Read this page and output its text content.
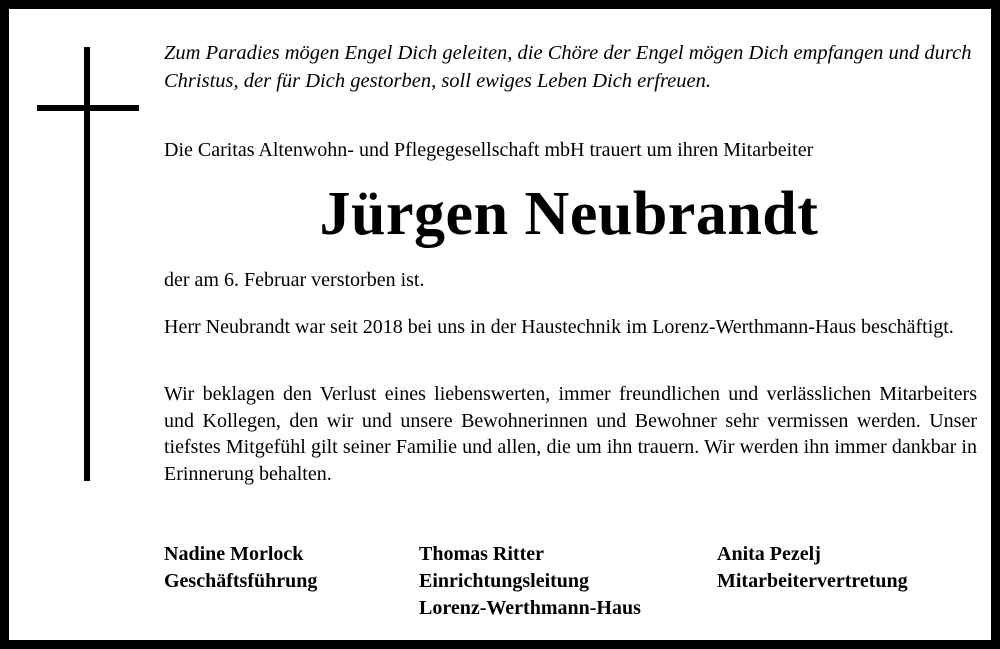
Zum Paradies mögen Engel Dich geleiten, die Chöre der Engel mögen Dich empfangen und durch Christus, der für Dich gestorben, soll ewiges Leben Dich erfreuen.
Die Caritas Altenwohn- und Pflegegesellschaft mbH trauert um ihren Mitarbeiter
Jürgen Neubrandt
der am 6. Februar verstorben ist.
Herr Neubrandt war seit 2018 bei uns in der Haustechnik im Lorenz-Werthmann-Haus beschäftigt.
Wir beklagen den Verlust eines liebenswerten, immer freundlichen und verlässlichen Mitarbeiters und Kollegen, den wir und unsere Bewohnerinnen und Bewohner sehr vermissen werden. Unser tiefstes Mitgefühl gilt seiner Familie und allen, die um ihn trauern. Wir werden ihn immer dankbar in Erinnerung behalten.
Nadine Morlock
Geschäftsführung
Thomas Ritter
Einrichtungsleitung
Lorenz-Werthmann-Haus
Anita Pezelj
Mitarbeitervertretung
